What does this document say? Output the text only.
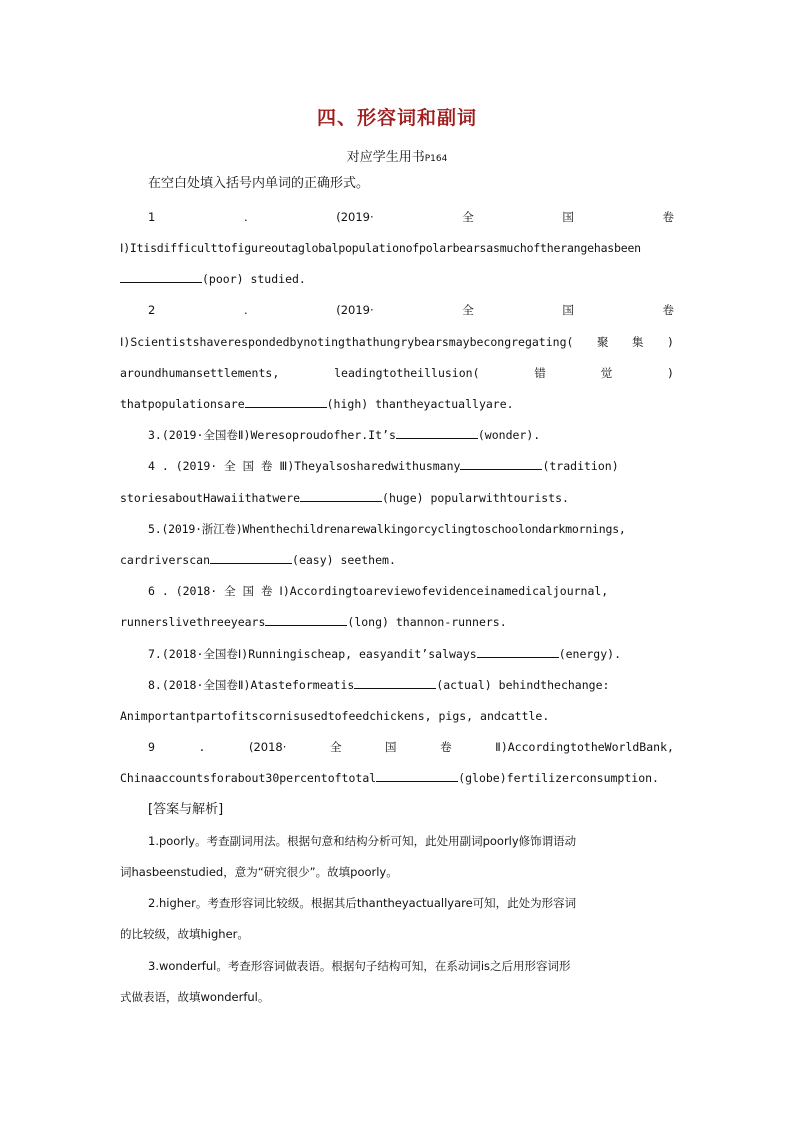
四、形容词和副词
对应学生用书P164
在空白处填入括号内单词的正确形式。
1	.	(2019·	全	国	卷
Ⅰ)Itisdifficulttofigureoutaglobalpopulationofpolarbearsasmuchoftherangehasbeen
(poor) studied.
2	.	(2019·	全	国	卷
Ⅰ)Scientistshaverespondedbynotingthathungrybearsmaybecongregating( 聚 集 )
aroundhumansettlements,	leadingtotheillusion(	错	觉	)
thatpopulationsare	(high) thantheyactuallyare.
3.(2019·全国卷Ⅱ)Weresoproudofher.It’s	(wonder).
4 . (2019· 全 国 卷 Ⅲ)Theyalsosharedwithusmany	(tradition)
storiesaboutHawaiithatwere	(huge) popularwithtourists.
5.(2019·浙江卷)Whenthechildrenarewalkingorcyclingtoschoolondarkmornings,
cardriverscan	(easy) seethem.
6 . (2018· 全 国 卷 Ⅰ)Accordingtoareviewofevidenceinamedicaljournal,
runnerslivethreeyears	(long) thannon-runners.
7.(2018·全国卷Ⅰ)Runningischeap, easyandit’salways	(energy).
8.(2018·全国卷Ⅱ)Atasteformeatis	(actual) behindthechange:
Animportantpartofitscornisusedtofeedchickens, pigs, andcattle.
9	.	(2018·	全	国	卷	Ⅱ)AccordingtotheWorldBank,
Chinaaccountsforabout30percentoftotal	(globe)fertilizerconsumption.
[答案与解析]
1.poorly。考查副词用法。根据句意和结构分析可知，此处用副词poorly修饰谓语动
词hasbeenstudied，意为“研究很少”。故填poorly。
2.higher。考查形容词比较级。根据其后thantheyactuallyare可知，此处为形容词
的比较级，故填higher。
3.wonderful。考查形容词做表语。根据句子结构可知，在系动词is之后用形容词形
式做表语，故填wonderful。
